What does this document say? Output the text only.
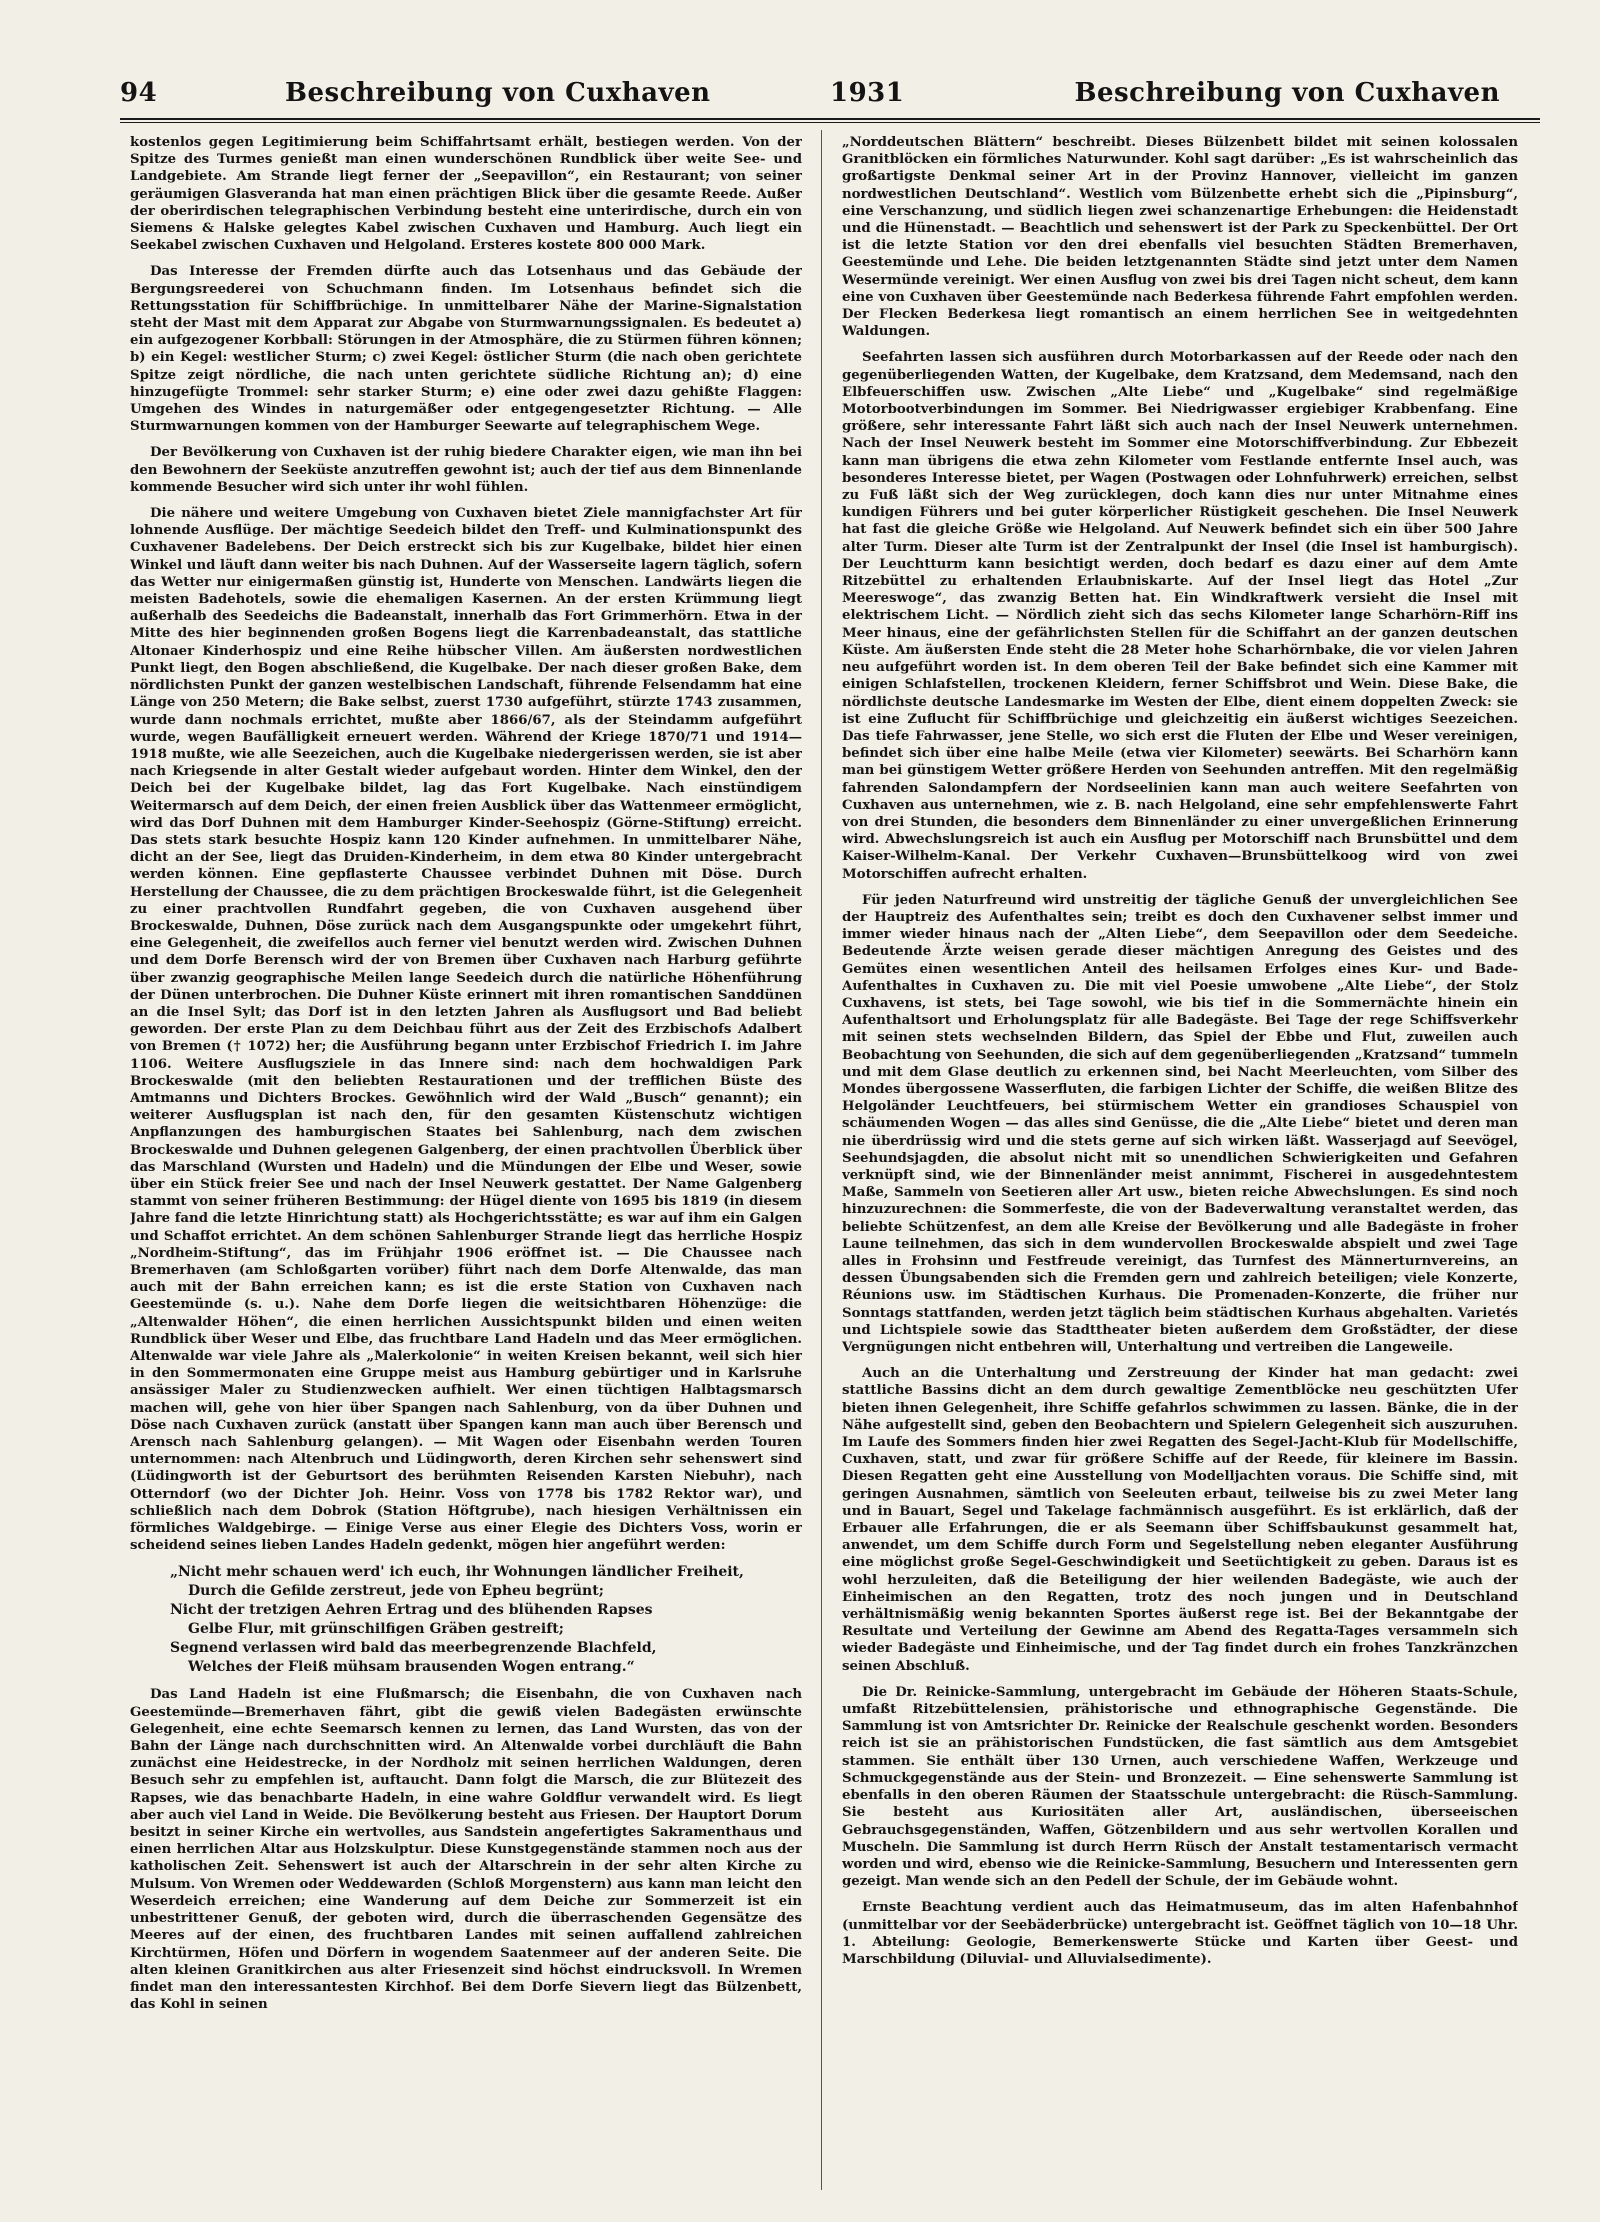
94	Beschreibung von Cuxhaven	1931	Beschreibung von Cuxhaven

kostenlos gegen Legitimierung beim Schiffahrtsamt erhält, bestiegen werden. Von der Spitze des Turmes genießt man einen wunderschönen Rundblick über weite See- und Landgebiete. Am Strande liegt ferner der „Seepavillon“, ein Restaurant; von seiner geräumigen Glasveranda hat man einen prächtigen Blick über die gesamte Reede. Außer der oberirdischen telegraphischen Verbindung besteht eine unterirdische, durch ein von Siemens & Halske gelegtes Kabel zwischen Cuxhaven und Hamburg. Auch liegt ein Seekabel zwischen Cuxhaven und Helgoland. Ersteres kostete 800 000 Mark.

Das Interesse der Fremden dürfte auch das Lotsenhaus und das Gebäude der Bergungsreederei von Schuchmann finden. Im Lotsenhaus befindet sich die Rettungsstation für Schiffbrüchige. In unmittelbarer Nähe der Marine-Signalstation steht der Mast mit dem Apparat zur Abgabe von Sturmwarnungssignalen. Es bedeutet a) ein aufgezogener Korbball: Störungen in der Atmosphäre, die zu Stürmen führen können; b) ein Kegel: westlicher Sturm; c) zwei Kegel: östlicher Sturm (die nach oben gerichtete Spitze zeigt nördliche, die nach unten gerichtete südliche Richtung an); d) eine hinzugefügte Trommel: sehr starker Sturm; e) eine oder zwei dazu gehißte Flaggen: Umgehen des Windes in naturgemäßer oder entgegengesetzter Richtung. — Alle Sturmwarnungen kommen von der Hamburger Seewarte auf telegraphischem Wege.

Der Bevölkerung von Cuxhaven ist der ruhig biedere Charakter eigen, wie man ihn bei den Bewohnern der Seeküste anzutreffen gewohnt ist; auch der tief aus dem Binnenlande kommende Besucher wird sich unter ihr wohl fühlen.

Die nähere und weitere Umgebung von Cuxhaven bietet Ziele mannigfachster Art für lohnende Ausflüge. Der mächtige Seedeich bildet den Treff- und Kulminationspunkt des Cuxhavener Badelebens. Der Deich erstreckt sich bis zur Kugelbake, bildet hier einen Winkel und läuft dann weiter bis nach Duhnen. Auf der Wasserseite lagern täglich, sofern das Wetter nur einigermaßen günstig ist, Hunderte von Menschen. Landwärts liegen die meisten Badehotels, sowie die ehemaligen Kasernen. An der ersten Krümmung liegt außerhalb des Seedeichs die Badeanstalt, innerhalb das Fort Grimmerhörn. Etwa in der Mitte des hier beginnenden großen Bogens liegt die Karrenbadeanstalt, das stattliche Altonaer Kinderhospiz und eine Reihe hübscher Villen. Am äußersten nordwestlichen Punkt liegt, den Bogen abschließend, die Kugelbake. Der nach dieser großen Bake, dem nördlichsten Punkt der ganzen westelbischen Landschaft, führende Felsendamm hat eine Länge von 250 Metern; die Bake selbst, zuerst 1730 aufgeführt, stürzte 1743 zusammen, wurde dann nochmals errichtet, mußte aber 1866/67, als der Steindamm aufgeführt wurde, wegen Baufälligkeit erneuert werden. Während der Kriege 1870/71 und 1914—1918 mußte, wie alle Seezeichen, auch die Kugelbake niedergerissen werden, sie ist aber nach Kriegsende in alter Gestalt wieder aufgebaut worden. Hinter dem Winkel, den der Deich bei der Kugelbake bildet, lag das Fort Kugelbake. Nach einstündigem Weitermarsch auf dem Deich, der einen freien Ausblick über das Wattenmeer ermöglicht, wird das Dorf Duhnen mit dem Hamburger Kinder-Seehospiz (Görne-Stiftung) erreicht. Das stets stark besuchte Hospiz kann 120 Kinder aufnehmen. In unmittelbarer Nähe, dicht an der See, liegt das Druiden-Kinderheim, in dem etwa 80 Kinder untergebracht werden können. Eine gepflasterte Chaussee verbindet Duhnen mit Döse. Durch Herstellung der Chaussee, die zu dem prächtigen Brockeswalde führt, ist die Gelegenheit zu einer prachtvollen Rundfahrt gegeben, die von Cuxhaven ausgehend über Brockeswalde, Duhnen, Döse zurück nach dem Ausgangspunkte oder umgekehrt führt, eine Gelegenheit, die zweifellos auch ferner viel benutzt werden wird. Zwischen Duhnen und dem Dorfe Berensch wird der von Bremen über Cuxhaven nach Harburg geführte über zwanzig geographische Meilen lange Seedeich durch die natürliche Höhenführung der Dünen unterbrochen. Die Duhner Küste erinnert mit ihren romantischen Sanddünen an die Insel Sylt; das Dorf ist in den letzten Jahren als Ausflugsort und Bad beliebt geworden. Der erste Plan zu dem Deichbau führt aus der Zeit des Erzbischofs Adalbert von Bremen († 1072) her; die Ausführung begann unter Erzbischof Friedrich I. im Jahre 1106. Weitere Ausflugsziele in das Innere sind: nach dem hochwaldigen Park Brockeswalde (mit den beliebten Restaurationen und der trefflichen Büste des Amtmanns und Dichters Brockes. Gewöhnlich wird der Wald „Busch“ genannt); ein weiterer Ausflugsplan ist nach den, für den gesamten Küstenschutz wichtigen Anpflanzungen des hamburgischen Staates bei Sahlenburg, nach dem zwischen Brockeswalde und Duhnen gelegenen Galgenberg, der einen prachtvollen Überblick über das Marschland (Wursten und Hadeln) und die Mündungen der Elbe und Weser, sowie über ein Stück freier See und nach der Insel Neuwerk gestattet. Der Name Galgenberg stammt von seiner früheren Bestimmung: der Hügel diente von 1695 bis 1819 (in diesem Jahre fand die letzte Hinrichtung statt) als Hochgerichtsstätte; es war auf ihm ein Galgen und Schaffot errichtet. An dem schönen Sahlenburger Strande liegt das herrliche Hospiz „Nordheim-Stiftung“, das im Frühjahr 1906 eröffnet ist. — Die Chaussee nach Bremerhaven (am Schloßgarten vorüber) führt nach dem Dorfe Altenwalde, das man auch mit der Bahn erreichen kann; es ist die erste Station von Cuxhaven nach Geestemünde (s. u.). Nahe dem Dorfe liegen die weitsichtbaren Höhenzüge: die „Altenwalder Höhen“, die einen herrlichen Aussichtspunkt bilden und einen weiten Rundblick über Weser und Elbe, das fruchtbare Land Hadeln und das Meer ermöglichen. Altenwalde war viele Jahre als „Malerkolonie“ in weiten Kreisen bekannt, weil sich hier in den Sommermonaten eine Gruppe meist aus Hamburg gebürtiger und in Karlsruhe ansässiger Maler zu Studienzwecken aufhielt. Wer einen tüchtigen Halbtagsmarsch machen will, gehe von hier über Spangen nach Sahlenburg, von da über Duhnen und Döse nach Cuxhaven zurück (anstatt über Spangen kann man auch über Berensch und Arensch nach Sahlenburg gelangen). — Mit Wagen oder Eisenbahn werden Touren unternommen: nach Altenbruch und Lüdingworth, deren Kirchen sehr sehenswert sind (Lüdingworth ist der Geburtsort des berühmten Reisenden Karsten Niebuhr), nach Otterndorf (wo der Dichter Joh. Heinr. Voss von 1778 bis 1782 Rektor war), und schließlich nach dem Dobrok (Station Höftgrube), nach hiesigen Verhältnissen ein förmliches Waldgebirge. — Einige Verse aus einer Elegie des Dichters Voss, worin er scheidend seines lieben Landes Hadeln gedenkt, mögen hier angeführt werden:

„Nicht mehr schauen werd' ich euch, ihr Wohnungen ländlicher Freiheit,
Durch die Gefilde zerstreut, jede von Epheu begrünt;
Nicht der tretzigen Aehren Ertrag und des blühenden Rapses
Gelbe Flur, mit grünschilfigen Gräben gestreift;
Segnend verlassen wird bald das meerbegrenzende Blachfeld,
Welches der Fleiß mühsam brausenden Wogen entrang.“

Das Land Hadeln ist eine Flußmarsch; die Eisenbahn, die von Cuxhaven nach Geestemünde—Bremerhaven fährt, gibt die gewiß vielen Badegästen erwünschte Gelegenheit, eine echte Seemarsch kennen zu lernen, das Land Wursten, das von der Bahn der Länge nach durchschnitten wird. An Altenwalde vorbei durchläuft die Bahn zunächst eine Heidestrecke, in der Nordholz mit seinen herrlichen Waldungen, deren Besuch sehr zu empfehlen ist, auftaucht. Dann folgt die Marsch, die zur Blütezeit des Rapses, wie das benachbarte Hadeln, in eine wahre Goldflur verwandelt wird. Es liegt aber auch viel Land in Weide. Die Bevölkerung besteht aus Friesen. Der Hauptort Dorum besitzt in seiner Kirche ein wertvolles, aus Sandstein angefertigtes Sakramenthaus und einen herrlichen Altar aus Holzskulptur. Diese Kunstgegenstände stammen noch aus der katholischen Zeit. Sehenswert ist auch der Altarschrein in der sehr alten Kirche zu Mulsum. Von Wremen oder Weddewarden (Schloß Morgenstern) aus kann man leicht den Weserdeich erreichen; eine Wanderung auf dem Deiche zur Sommerzeit ist ein unbestrittener Genuß, der geboten wird, durch die überraschenden Gegensätze des Meeres auf der einen, des fruchtbaren Landes mit seinen auffallend zahlreichen Kirchtürmen, Höfen und Dörfern in wogendem Saatenmeer auf der anderen Seite. Die alten kleinen Granitkirchen aus alter Friesenzeit sind höchst eindrucksvoll. In Wremen findet man den interessantesten Kirchhof. Bei dem Dorfe Sievern liegt das Bülzenbett, das Kohl in seinen

„Norddeutschen Blättern“ beschreibt. Dieses Bülzenbett bildet mit seinen kolossalen Granitblöcken ein förmliches Naturwunder. Kohl sagt darüber: „Es ist wahrscheinlich das großartigste Denkmal seiner Art in der Provinz Hannover, vielleicht im ganzen nordwestlichen Deutschland“. Westlich vom Bülzenbette erhebt sich die „Pipinsburg“, eine Verschanzung, und südlich liegen zwei schanzenartige Erhebungen: die Heidenstadt und die Hünenstadt. — Beachtlich und sehenswert ist der Park zu Speckenbüttel. Der Ort ist die letzte Station vor den drei ebenfalls viel besuchten Städten Bremerhaven, Geestemünde und Lehe. Die beiden letztgenannten Städte sind jetzt unter dem Namen Wesermünde vereinigt. Wer einen Ausflug von zwei bis drei Tagen nicht scheut, dem kann eine von Cuxhaven über Geestemünde nach Bederkesa führende Fahrt empfohlen werden. Der Flecken Bederkesa liegt romantisch an einem herrlichen See in weitgedehnten Waldungen.

Seefahrten lassen sich ausführen durch Motorbarkassen auf der Reede oder nach den gegenüberliegenden Watten, der Kugelbake, dem Kratzsand, dem Medemsand, nach den Elbfeuerschiffen usw. Zwischen „Alte Liebe“ und „Kugelbake“ sind regelmäßige Motorbootverbindungen im Sommer. Bei Niedrigwasser ergiebiger Krabbenfang. Eine größere, sehr interessante Fahrt läßt sich auch nach der Insel Neuwerk unternehmen. Nach der Insel Neuwerk besteht im Sommer eine Motorschiffverbindung. Zur Ebbezeit kann man übrigens die etwa zehn Kilometer vom Festlande entfernte Insel auch, was besonderes Interesse bietet, per Wagen (Postwagen oder Lohnfuhrwerk) erreichen, selbst zu Fuß läßt sich der Weg zurücklegen, doch kann dies nur unter Mitnahme eines kundigen Führers und bei guter körperlicher Rüstigkeit geschehen. Die Insel Neuwerk hat fast die gleiche Größe wie Helgoland. Auf Neuwerk befindet sich ein über 500 Jahre alter Turm. Dieser alte Turm ist der Zentralpunkt der Insel (die Insel ist hamburgisch). Der Leuchtturm kann besichtigt werden, doch bedarf es dazu einer auf dem Amte Ritzebüttel zu erhaltenden Erlaubniskarte. Auf der Insel liegt das Hotel „Zur Meereswoge“, das zwanzig Betten hat. Ein Windkraftwerk versieht die Insel mit elektrischem Licht. — Nördlich zieht sich das sechs Kilometer lange Scharhörn-Riff ins Meer hinaus, eine der gefährlichsten Stellen für die Schiffahrt an der ganzen deutschen Küste. Am äußersten Ende steht die 28 Meter hohe Scharhörnbake, die vor vielen Jahren neu aufgeführt worden ist. In dem oberen Teil der Bake befindet sich eine Kammer mit einigen Schlafstellen, trockenen Kleidern, ferner Schiffsbrot und Wein. Diese Bake, die nördlichste deutsche Landesmarke im Westen der Elbe, dient einem doppelten Zweck: sie ist eine Zuflucht für Schiffbrüchige und gleichzeitig ein äußerst wichtiges Seezeichen. Das tiefe Fahrwasser, jene Stelle, wo sich erst die Fluten der Elbe und Weser vereinigen, befindet sich über eine halbe Meile (etwa vier Kilometer) seewärts. Bei Scharhörn kann man bei günstigem Wetter größere Herden von Seehunden antreffen. Mit den regelmäßig fahrenden Salondampfern der Nordseelinien kann man auch weitere Seefahrten von Cuxhaven aus unternehmen, wie z. B. nach Helgoland, eine sehr empfehlenswerte Fahrt von drei Stunden, die besonders dem Binnenländer zu einer unvergeßlichen Erinnerung wird. Abwechslungsreich ist auch ein Ausflug per Motorschiff nach Brunsbüttel und dem Kaiser-Wilhelm-Kanal. Der Verkehr Cuxhaven—Brunsbüttelkoog wird von zwei Motorschiffen aufrecht erhalten.

Für jeden Naturfreund wird unstreitig der tägliche Genuß der unvergleichlichen See der Hauptreiz des Aufenthaltes sein; treibt es doch den Cuxhavener selbst immer und immer wieder hinaus nach der „Alten Liebe“, dem Seepavillon oder dem Seedeiche. Bedeutende Ärzte weisen gerade dieser mächtigen Anregung des Geistes und des Gemütes einen wesentlichen Anteil des heilsamen Erfolges eines Kur- und Bade-Aufenthaltes in Cuxhaven zu. Die mit viel Poesie umwobene „Alte Liebe“, der Stolz Cuxhavens, ist stets, bei Tage sowohl, wie bis tief in die Sommernächte hinein ein Aufenthaltsort und Erholungsplatz für alle Badegäste. Bei Tage der rege Schiffsverkehr mit seinen stets wechselnden Bildern, das Spiel der Ebbe und Flut, zuweilen auch Beobachtung von Seehunden, die sich auf dem gegenüberliegenden „Kratzsand“ tummeln und mit dem Glase deutlich zu erkennen sind, bei Nacht Meerleuchten, vom Silber des Mondes übergossene Wasserfluten, die farbigen Lichter der Schiffe, die weißen Blitze des Helgoländer Leuchtfeuers, bei stürmischem Wetter ein grandioses Schauspiel von schäumenden Wogen — das alles sind Genüsse, die die „Alte Liebe“ bietet und deren man nie überdrüssig wird und die stets gerne auf sich wirken läßt. Wasserjagd auf Seevögel, Seehundsjagden, die absolut nicht mit so unendlichen Schwierigkeiten und Gefahren verknüpft sind, wie der Binnenländer meist annimmt, Fischerei in ausgedehntestem Maße, Sammeln von Seetieren aller Art usw., bieten reiche Abwechslungen. Es sind noch hinzuzurechnen: die Sommerfeste, die von der Badeverwaltung veranstaltet werden, das beliebte Schützenfest, an dem alle Kreise der Bevölkerung und alle Badegäste in froher Laune teilnehmen, das sich in dem wundervollen Brockeswalde abspielt und zwei Tage alles in Frohsinn und Festfreude vereinigt, das Turnfest des Männerturnvereins, an dessen Übungsabenden sich die Fremden gern und zahlreich beteiligen; viele Konzerte, Réunions usw. im Städtischen Kurhaus. Die Promenaden-Konzerte, die früher nur Sonntags stattfanden, werden jetzt täglich beim städtischen Kurhaus abgehalten. Varietés und Lichtspiele sowie das Stadttheater bieten außerdem dem Großstädter, der diese Vergnügungen nicht entbehren will, Unterhaltung und vertreiben die Langeweile.

Auch an die Unterhaltung und Zerstreuung der Kinder hat man gedacht: zwei stattliche Bassins dicht an dem durch gewaltige Zementblöcke neu geschützten Ufer bieten ihnen Gelegenheit, ihre Schiffe gefahrlos schwimmen zu lassen. Bänke, die in der Nähe aufgestellt sind, geben den Beobachtern und Spielern Gelegenheit sich auszuruhen. Im Laufe des Sommers finden hier zwei Regatten des Segel-Jacht-Klub für Modellschiffe, Cuxhaven, statt, und zwar für größere Schiffe auf der Reede, für kleinere im Bassin. Diesen Regatten geht eine Ausstellung von Modelljachten voraus. Die Schiffe sind, mit geringen Ausnahmen, sämtlich von Seeleuten erbaut, teilweise bis zu zwei Meter lang und in Bauart, Segel und Takelage fachmännisch ausgeführt. Es ist erklärlich, daß der Erbauer alle Erfahrungen, die er als Seemann über Schiffsbaukunst gesammelt hat, anwendet, um dem Schiffe durch Form und Segelstellung neben eleganter Ausführung eine möglichst große Segel-Geschwindigkeit und Seetüchtigkeit zu geben. Daraus ist es wohl herzuleiten, daß die Beteiligung der hier weilenden Badegäste, wie auch der Einheimischen an den Regatten, trotz des noch jungen und in Deutschland verhältnismäßig wenig bekannten Sportes äußerst rege ist. Bei der Bekanntgabe der Resultate und Verteilung der Gewinne am Abend des Regatta-Tages versammeln sich wieder Badegäste und Einheimische, und der Tag findet durch ein frohes Tanzkränzchen seinen Abschluß.

Die Dr. Reinicke-Sammlung, untergebracht im Gebäude der Höheren Staats-Schule, umfaßt Ritzebüttelensien, prähistorische und ethnographische Gegenstände. Die Sammlung ist von Amtsrichter Dr. Reinicke der Realschule geschenkt worden. Besonders reich ist sie an prähistorischen Fundstücken, die fast sämtlich aus dem Amtsgebiet stammen. Sie enthält über 130 Urnen, auch verschiedene Waffen, Werkzeuge und Schmuckgegenstände aus der Stein- und Bronzezeit. — Eine sehenswerte Sammlung ist ebenfalls in den oberen Räumen der Staatsschule untergebracht: die Rüsch-Sammlung. Sie besteht aus Kuriositäten aller Art, ausländischen, überseeischen Gebrauchsgegenständen, Waffen, Götzenbildern und aus sehr wertvollen Korallen und Muscheln. Die Sammlung ist durch Herrn Rüsch der Anstalt testamentarisch vermacht worden und wird, ebenso wie die Reinicke-Sammlung, Besuchern und Interessenten gern gezeigt. Man wende sich an den Pedell der Schule, der im Gebäude wohnt.

Ernste Beachtung verdient auch das Heimatmuseum, das im alten Hafenbahnhof (unmittelbar vor der Seebäderbrücke) untergebracht ist. Geöffnet täglich von 10—18 Uhr. 1. Abteilung: Geologie, Bemerkenswerte Stücke und Karten über Geest- und Marschbildung (Diluvial- und Alluvialsedimente).
